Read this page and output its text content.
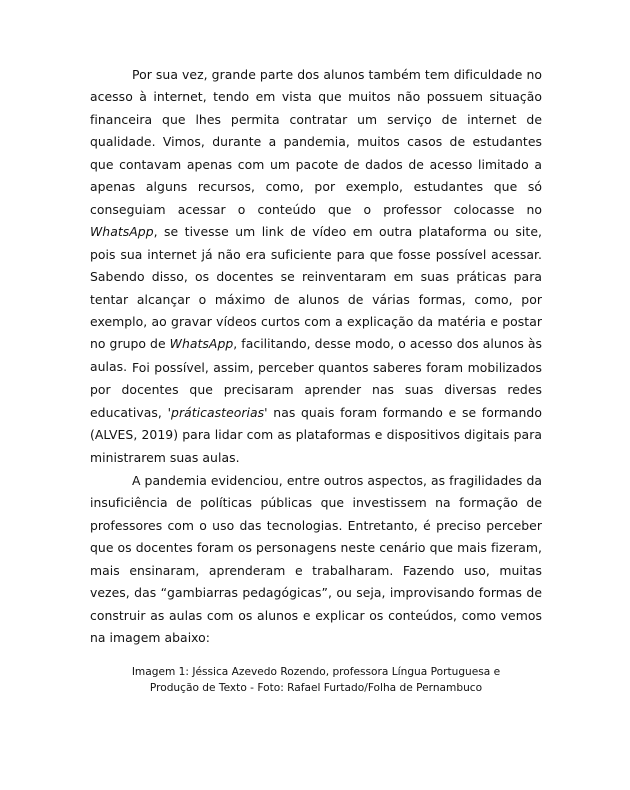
Por sua vez, grande parte dos alunos também tem dificuldade no acesso à internet, tendo em vista que muitos não possuem situação financeira que lhes permita contratar um serviço de internet de qualidade. Vimos, durante a pandemia, muitos casos de estudantes que contavam apenas com um pacote de dados de acesso limitado a apenas alguns recursos, como, por exemplo, estudantes que só conseguiam acessar o conteúdo que o professor colocasse no WhatsApp, se tivesse um link de vídeo em outra plataforma ou site, pois sua internet já não era suficiente para que fosse possível acessar. Sabendo disso, os docentes se reinventaram em suas práticas para tentar alcançar o máximo de alunos de várias formas, como, por exemplo, ao gravar vídeos curtos com a explicação da matéria e postar no grupo de WhatsApp, facilitando, desse modo, o acesso dos alunos às aulas. Foi possível, assim, perceber quantos saberes foram mobilizados por docentes que precisaram aprender nas suas diversas redes educativas, 'práticasteorias' nas quais foram formando e se formando (ALVES, 2019) para lidar com as plataformas e dispositivos digitais para ministrarem suas aulas.

A pandemia evidenciou, entre outros aspectos, as fragilidades da insuficiência de políticas públicas que investissem na formação de professores com o uso das tecnologias. Entretanto, é preciso perceber que os docentes foram os personagens neste cenário que mais fizeram, mais ensinaram, aprenderam e trabalharam. Fazendo uso, muitas vezes, das “gambiarras pedagógicas”, ou seja, improvisando formas de construir as aulas com os alunos e explicar os conteúdos, como vemos na imagem abaixo:

Imagem 1: Jéssica Azevedo Rozendo, professora Língua Portuguesa e
Produção de Texto - Foto: Rafael Furtado/Folha de Pernambuco
